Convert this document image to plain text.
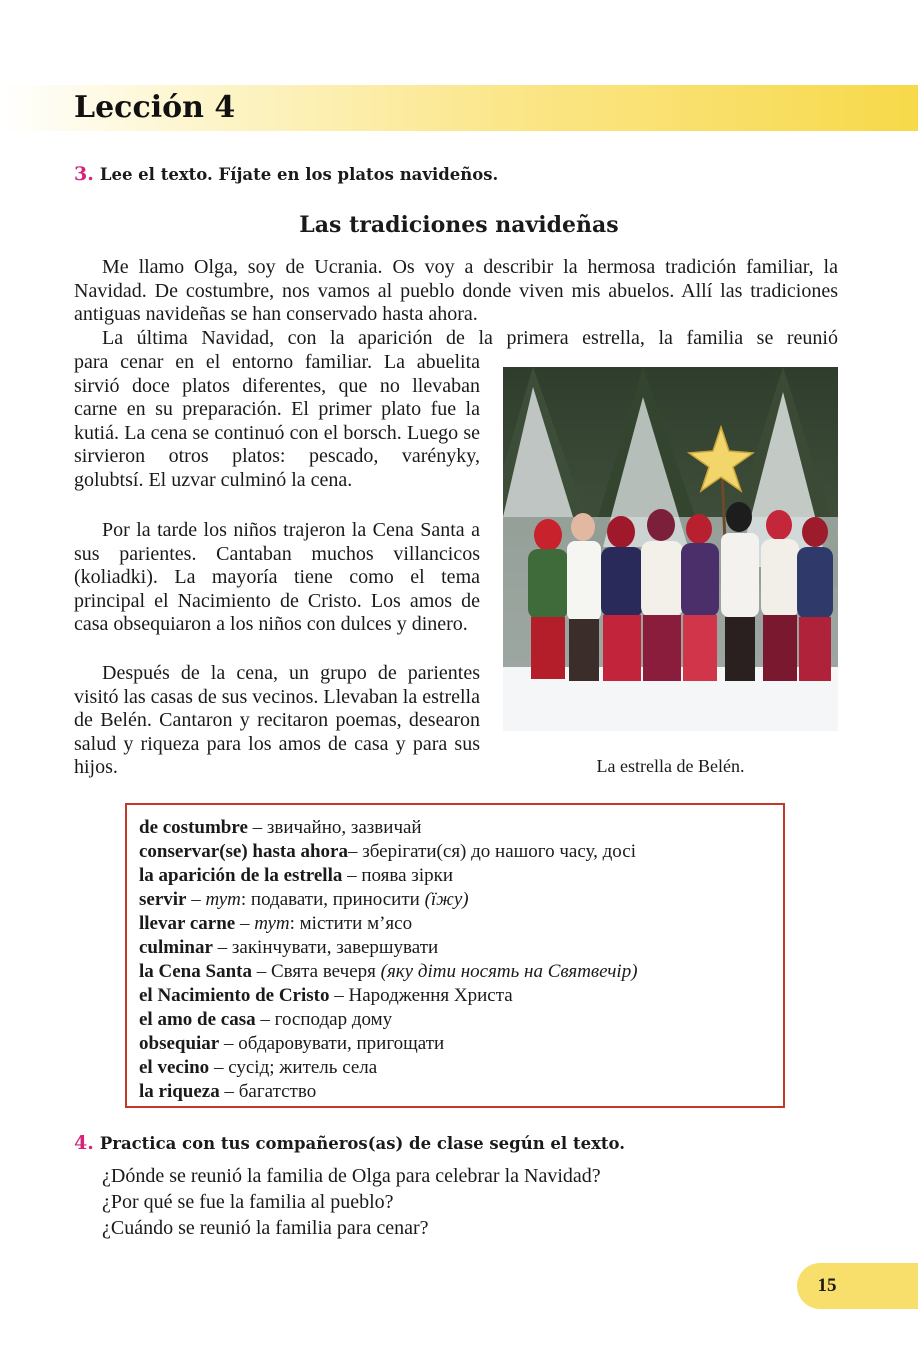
Lección 4
3. Lee el texto. Fíjate en los platos navideños.
Las tradiciones navideñas

Me llamo Olga, soy de Ucrania. Os voy a describir la hermosa tradición familiar, la Navidad. De costumbre, nos vamos al pueblo donde viven mis abuelos. Allí las tradiciones antiguas navideñas se han conservado hasta ahora.

La última Navidad, con la aparición de la primera estrella, la familia se reunió

para cenar en el entorno familiar. La abuelita sirvió doce platos diferentes, que no llevaban carne en su preparación. El primer plato fue la kutiá. La cena se continuó con el borsch. Luego se sirvieron otros platos: pescado, varényky, golubtsí. El uzvar culminó la cena.

Por la tarde los niños trajeron la Cena Santa a sus parientes. Cantaban muchos villancicos (koliadki). La mayoría tiene como el tema principal el Nacimiento de Cristo. Los amos de casa obsequiaron a los niños con dulces y dinero.

Después de la cena, un grupo de parientes visitó las casas de sus vecinos. Llevaban la estrella de Belén. Cantaron y recitaron poemas, desearon salud y riqueza para los amos de casa y para sus hijos.	La estrella de Belén.
de costumbre – звичайно, зазвичай
conservar(se) hasta ahora– зберігати(ся) до нашого часу, досі
la aparición de la estrella – поява зірки
servir – тут: подавати, приносити (їжу)
llevar carne – тут: містити м’ясо
culminar – закінчувати, завершувати
la Cena Santa – Свята вечеря (яку діти носять на Святвечір)
el Nacimiento de Cristo – Народження Христа
el amo de casa – господар дому
obsequiar – обдаровувати, пригощати
el vecino – сусід; житель села
la riqueza – багатство
4. Practica con tus compañeros(as) de clase según el texto.
¿Dónde se reunió la familia de Olga para celebrar la Navidad?
¿Por qué se fue la familia al pueblo?
¿Cuándo se reunió la familia para cenar?
15
